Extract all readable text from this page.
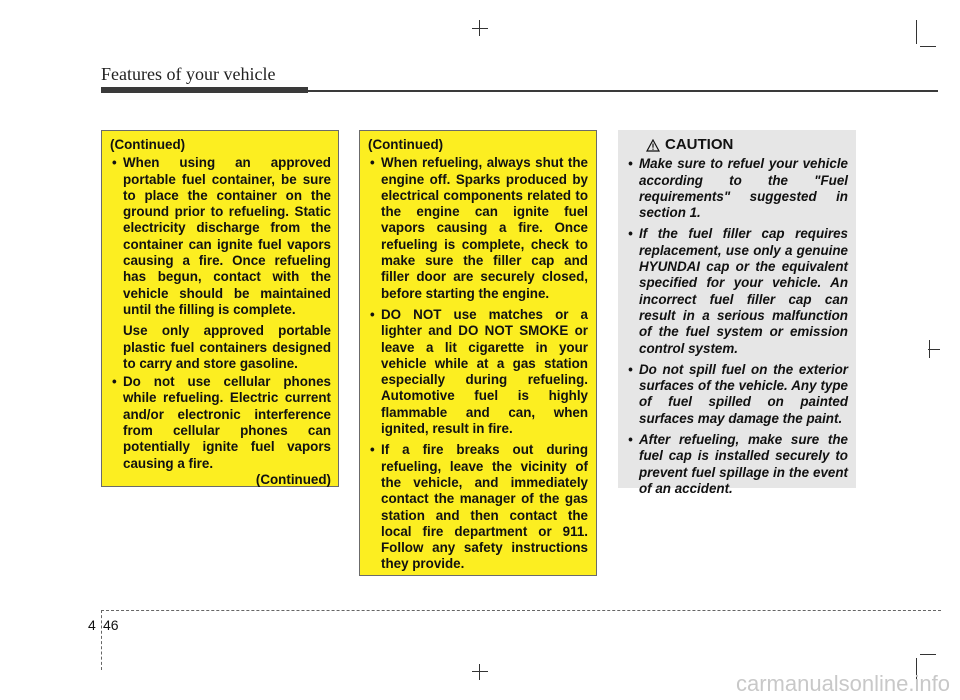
Features of your vehicle
(Continued)
• When using an approved portable fuel container, be sure to place the container on the ground prior to refueling. Static electricity discharge from the container can ignite fuel vapors causing a fire. Once refueling has begun, contact with the vehicle should be maintained until the filling is complete.
Use only approved portable plastic fuel containers designed to carry and store gasoline.
• Do not use cellular phones while refueling. Electric current and/or electronic interference from cellular phones can potentially ignite fuel vapors causing a fire.
(Continued)
(Continued)
• When refueling, always shut the engine off. Sparks produced by electrical components related to the engine can ignite fuel vapors causing a fire. Once refueling is complete, check to make sure the filler cap and filler door are securely closed, before starting the engine.
• DO NOT use matches or a lighter and DO NOT SMOKE or leave a lit cigarette in your vehicle while at a gas station especially during refueling. Automotive fuel is highly flammable and can, when ignited, result in fire.
• If a fire breaks out during refueling, leave the vicinity of the vehicle, and immediately contact the manager of the gas station and then contact the local fire department or 911. Follow any safety instructions they provide.
CAUTION
• Make sure to refuel your vehicle according to the "Fuel requirements" suggested in section 1.
• If the fuel filler cap requires replacement, use only a genuine HYUNDAI cap or the equivalent specified for your vehicle. An incorrect fuel filler cap can result in a serious malfunction of the fuel system or emission control system.
• Do not spill fuel on the exterior surfaces of the vehicle. Any type of fuel spilled on painted surfaces may damage the paint.
• After refueling, make sure the fuel cap is installed securely to prevent fuel spillage in the event of an accident.
4 46
carmanualsonline.info
